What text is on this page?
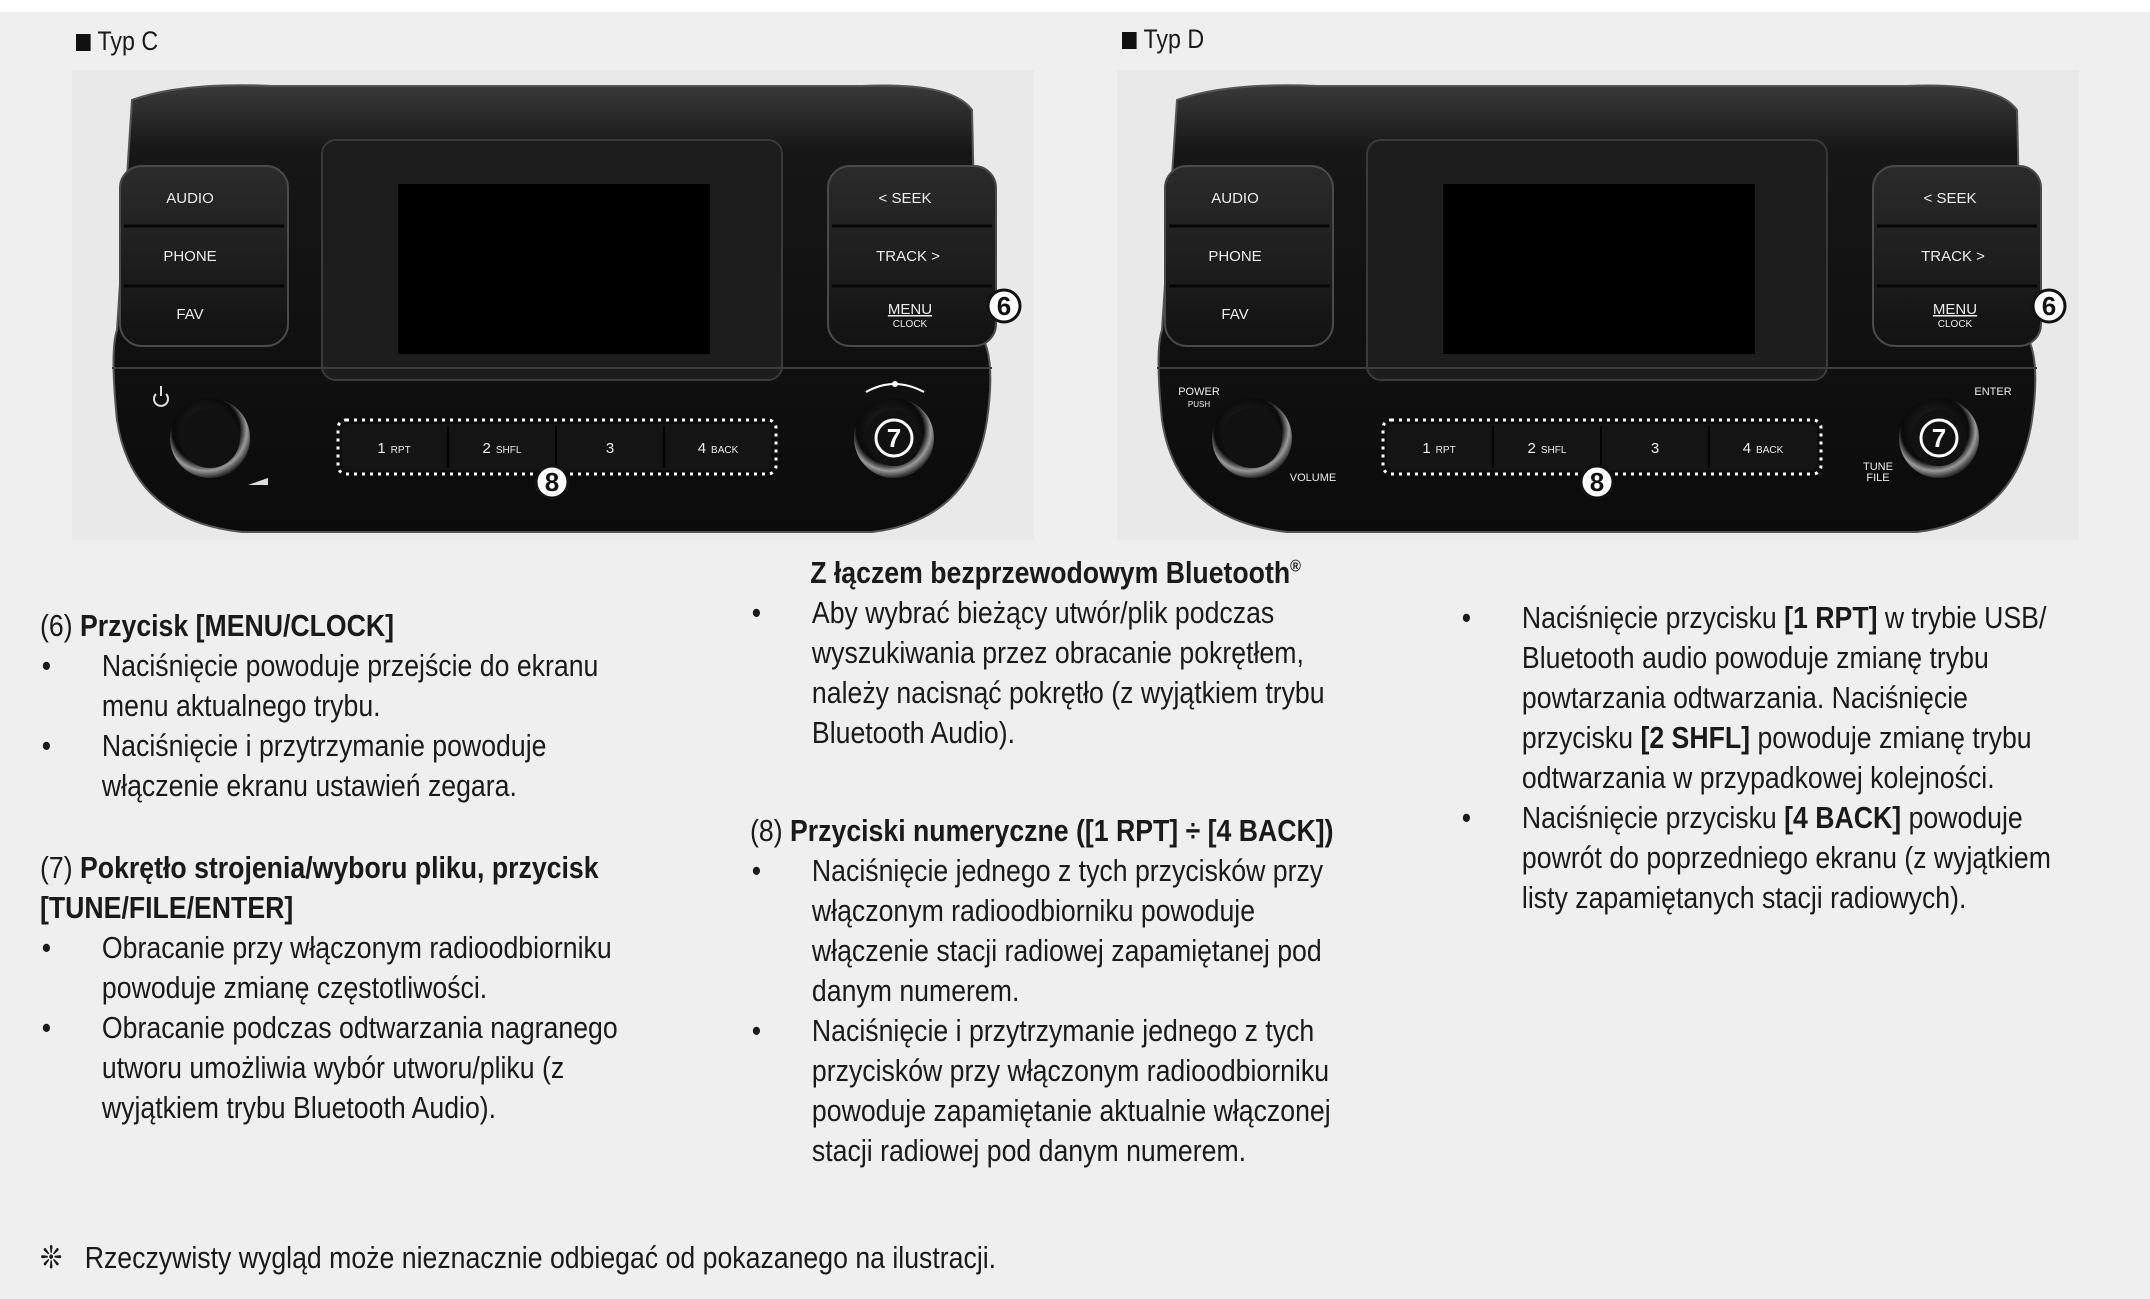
Typ C	Typ D
AUDIO
PHONE
FAV
< SEEK
TRACK >
MENU
CLOCK
6
1 RPT	2 SHFL	3	4 BACK
8
7
AUDIO
PHONE
FAV
< SEEK
TRACK >
MENU
CLOCK
6
POWER
PUSH
VOLUME
1 RPT	2 SHFL	3	4 BACK
8
ENTER
7
TUNE
FILE

(6) Przycisk [MENU/CLOCK]

• Naciśnięcie powoduje przejście do ekranu menu aktualnego trybu.

• Naciśnięcie i przytrzymanie powoduje włączenie ekranu ustawień zegara.

(7) Pokrętło strojenia/wyboru pliku, przycisk [TUNE/FILE/ENTER]

• Obracanie przy włączonym radioodbiorniku powoduje zmianę częstotliwości.

• Obracanie podczas odtwarzania nagranego utworu umożliwia wybór utworu/pliku (z wyjątkiem trybu Bluetooth Audio).

Z łączem bezprzewodowym Bluetooth®

• Aby wybrać bieżący utwór/plik podczas wyszukiwania przez obracanie pokrętłem, należy nacisnąć pokrętło (z wyjątkiem trybu Bluetooth Audio).

(8) Przyciski numeryczne ([1 RPT] ÷ [4 BACK])

• Naciśnięcie jednego z tych przycisków przy włączonym radioodbiorniku powoduje włączenie stacji radiowej zapamiętanej pod danym numerem.

• Naciśnięcie i przytrzymanie jednego z tych przycisków przy włączonym radioodbiorniku powoduje zapamiętanie aktualnie włączonej stacji radiowej pod danym numerem.

• Naciśnięcie przycisku [1 RPT] w trybie USB/ Bluetooth audio powoduje zmianę trybu powtarzania odtwarzania. Naciśnięcie przycisku [2 SHFL] powoduje zmianę trybu odtwarzania w przypadkowej kolejności.

• Naciśnięcie przycisku [4 BACK] powoduje powrót do poprzedniego ekranu (z wyjątkiem listy zapamiętanych stacji radiowych).

❊ Rzeczywisty wygląd może nieznacznie odbiegać od pokazanego na ilustracji.
